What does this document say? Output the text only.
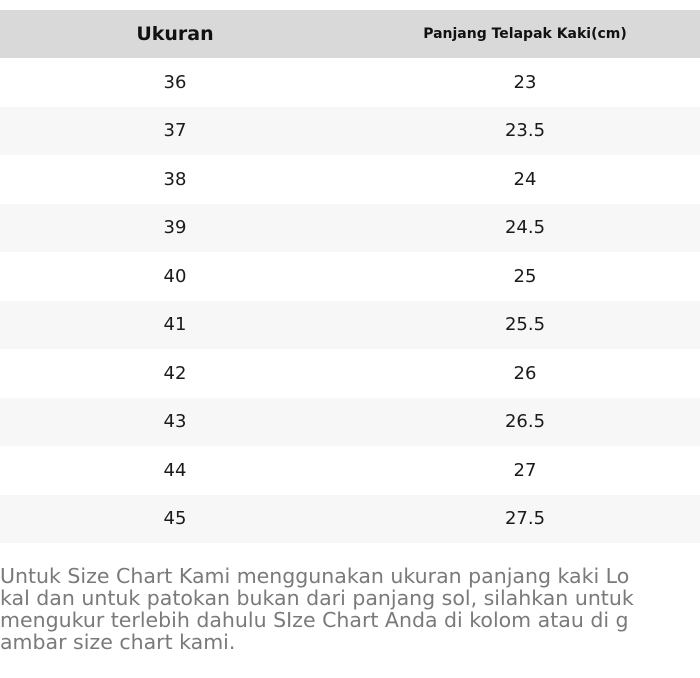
Ukuran	Panjang Telapak Kaki(cm)
36	23
37	23.5
38	24
39	24.5
40	25
41	25.5
42	26
43	26.5
44	27
45	27.5

Untuk Size Chart Kami menggunakan ukuran panjang kaki Lo
kal dan untuk patokan bukan dari panjang sol, silahkan untuk
mengukur terlebih dahulu SIze Chart Anda di kolom atau di g
ambar size chart kami.
